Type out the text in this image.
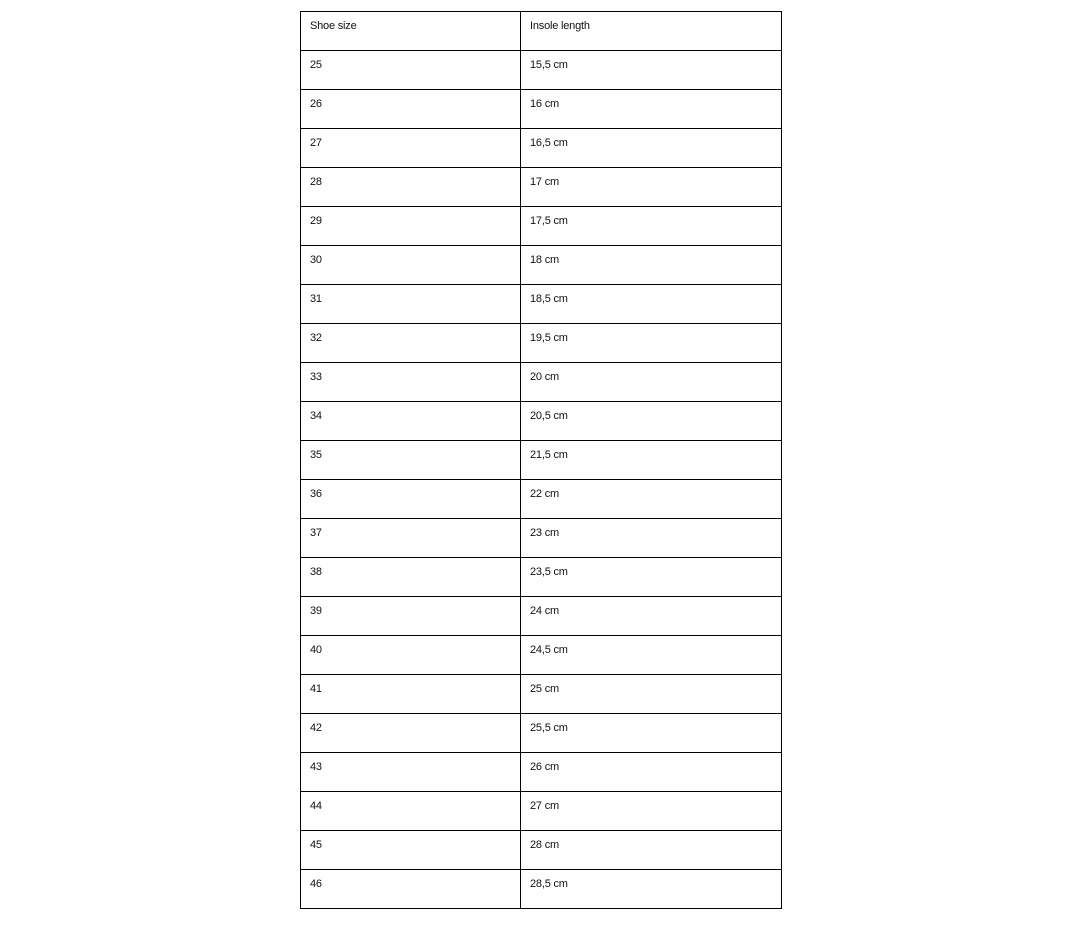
Shoe size	Insole length
25	15,5 cm
26	16 cm
27	16,5 cm
28	17 cm
29	17,5 cm
30	18 cm
31	18,5 cm
32	19,5 cm
33	20 cm
34	20,5 cm
35	21,5 cm
36	22 cm
37	23 cm
38	23,5 cm
39	24 cm
40	24,5 cm
41	25 cm
42	25,5 cm
43	26 cm
44	27 cm
45	28 cm
46	28,5 cm
